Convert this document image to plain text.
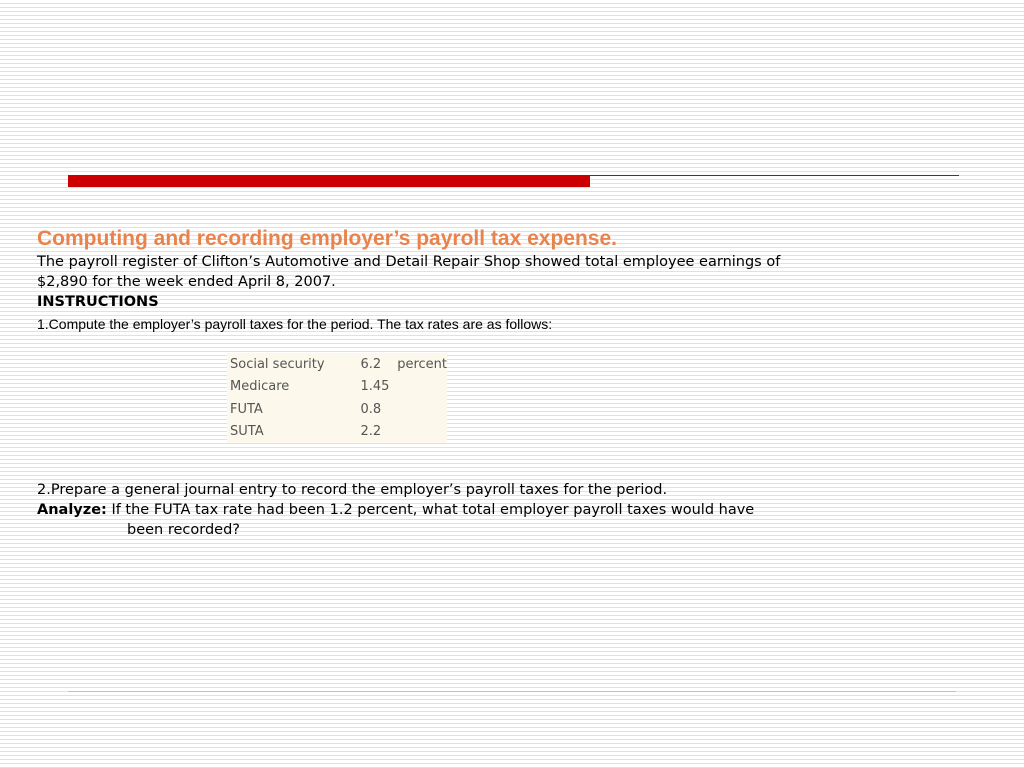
Computing and recording employer’s payroll tax expense.

The payroll register of Clifton’s Automotive and Detail Repair Shop showed total employee earnings of

$2,890 for the week ended April 8, 2007.

INSTRUCTIONS

1.Compute the employer’s payroll taxes for the period. The tax rates are as follows:

Social security	6.2	percent
Medicare	1.45	
FUTA	0.8	
SUTA	2.2	

2.Prepare a general journal entry to record the employer’s payroll taxes for the period.

Analyze: If the FUTA tax rate had been 1.2 percent, what total employer payroll taxes would have
been recorded?
